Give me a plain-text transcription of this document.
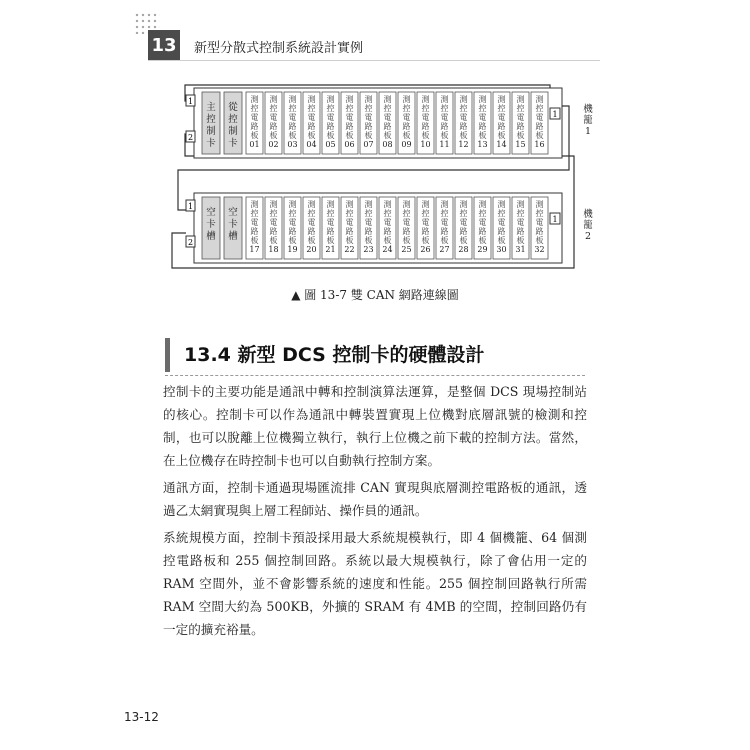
13 新型分散式控制系統設計實例
主控制卡
從控制卡
測控電路板
01
測控電路板
02
測控電路板
03
測控電路板
04
測控電路板
05
測控電路板
06
測控電路板
07
測控電路板
08
測控電路板
09
測控電路板
10
測控電路板
11
測控電路板
12
測控電路板
13
測控電路板
14
測控電路板
15
測控電路板
16
1
2
1	機籠 1
空卡槽
空卡槽
測控電路板
17
測控電路板
18
測控電路板
19
測控電路板
20
測控電路板
21
測控電路板
22
測控電路板
23
測控電路板
24
測控電路板
25
測控電路板
26
測控電路板
27
測控電路板
28
測控電路板
29
測控電路板
30
測控電路板
31
測控電路板
32
1
2
1	機籠 2
▲ 圖 13-7 雙 CAN 網路連線圖
13.4 新型 DCS 控制卡的硬體設計

控制卡的主要功能是通訊中轉和控制演算法運算，是整個 DCS 現場控制站的核心。控制卡可以作為通訊中轉裝置實現上位機對底層訊號的檢測和控制，也可以脫離上位機獨立執行，執行上位機之前下載的控制方法。當然，在上位機存在時控制卡也可以自動執行控制方案。

通訊方面，控制卡通過現場匯流排 CAN 實現與底層測控電路板的通訊，透過乙太網實現與上層工程師站、操作員的通訊。

系統規模方面，控制卡預設採用最大系統規模執行，即 4 個機籠、64 個測控電路板和 255 個控制回路。系統以最大規模執行，除了會佔用一定的 RAM 空間外，並不會影響系統的速度和性能。255 個控制回路執行所需 RAM 空間大約為 500KB，外擴的 SRAM 有 4MB 的空間，控制回路仍有一定的擴充裕量。

13-12
